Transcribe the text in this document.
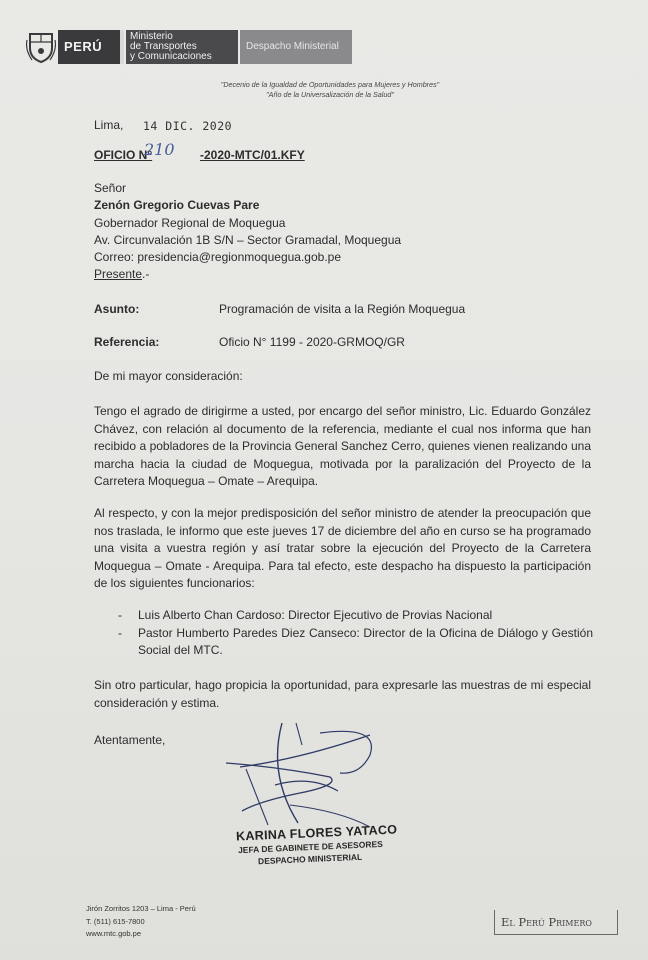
PERÚ
Ministerio
de Transportes
y Comunicaciones
Despacho Ministerial
"Decenio de la Igualdad de Oportunidades para Mujeres y Hombres"
"Año de la Universalización de la Salud"
Lima, 14 DIC. 2020
OFICIO N°
210 -2020-MTC/01.KFY
Señor
Zenón Gregorio Cuevas Pare
Gobernador Regional de Moquegua
Av. Circunvalación 1B S/N – Sector Gramadal, Moquegua
Correo: presidencia@regionmoquegua.gob.pe
Presente.-
Asunto:	Programación de visita a la Región Moquegua
Referencia:	Oficio N° 1199 - 2020-GRMOQ/GR
De mi mayor consideración:
Tengo el agrado de dirigirme a usted, por encargo del señor ministro, Lic. Eduardo González Chávez, con relación al documento de la referencia, mediante el cual nos informa que han recibido a pobladores de la Provincia General Sanchez Cerro, quienes vienen realizando una marcha hacia la ciudad de Moquegua, motivada por la paralización del Proyecto de la Carretera Moquegua – Omate – Arequipa.
Al respecto, y con la mejor predisposición del señor ministro de atender la preocupación que nos traslada, le informo que este jueves 17 de diciembre del año en curso se ha programado una visita a vuestra región y así tratar sobre la ejecución del Proyecto de la Carretera Moquegua – Omate - Arequipa. Para tal efecto, este despacho ha dispuesto la participación de los siguientes funcionarios:
- Luis Alberto Chan Cardoso: Director Ejecutivo de Provias Nacional
- Pastor Humberto Paredes Diez Canseco: Director de la Oficina de Diálogo y Gestión Social del MTC.
Sin otro particular, hago propicia la oportunidad, para expresarle las muestras de mi especial consideración y estima.
Atentamente,
KARINA FLORES YATACO
JEFA DE GABINETE DE ASESORES
DESPACHO MINISTERIAL
Jirón Zorritos 1203 – Lima - Perú
T. (511) 615-7800
www.mtc.gob.pe
El Perú Primero
